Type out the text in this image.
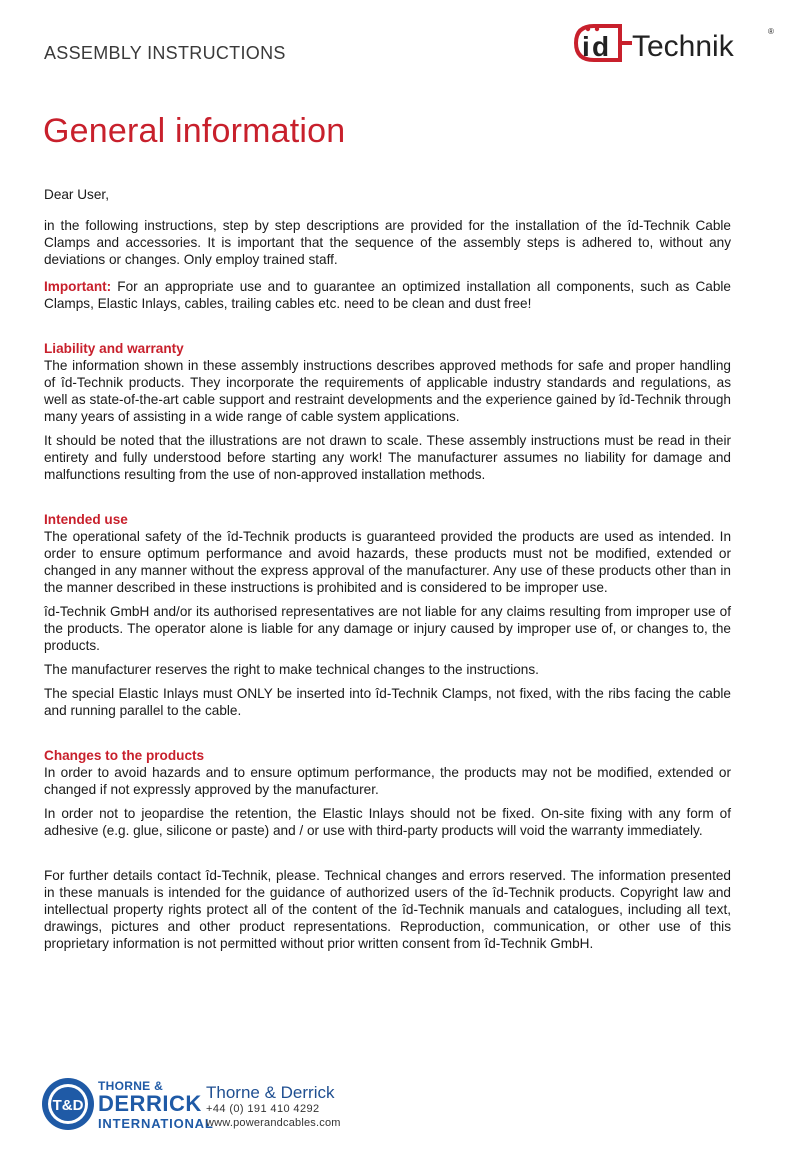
ASSEMBLY INSTRUCTIONS	i d Technik	®
General information

Dear User,

in the following instructions, step by step descriptions are provided for the installation of the îd-Technik Cable Clamps and accessories. It is important that the sequence of the assembly steps is adhered to, without any deviations or changes. Only employ trained staff.

Important: For an appropriate use and to guarantee an optimized installation all components, such as Cable Clamps, Elastic Inlays, cables, trailing cables etc. need to be clean and dust free!

Liability and warranty

The information shown in these assembly instructions describes approved methods for safe and proper handling of îd-Technik products. They incorporate the requirements of applicable industry standards and regulations, as well as state-of-the-art cable support and restraint developments and the experience gained by îd-Technik through many years of assisting in a wide range of cable system applications.

It should be noted that the illustrations are not drawn to scale. These assembly instructions must be read in their entirety and fully understood before starting any work! The manufacturer assumes no liability for damage and malfunctions resulting from the use of non-approved installation methods.

Intended use

The operational safety of the îd-Technik products is guaranteed provided the products are used as intended. In order to ensure optimum performance and avoid hazards, these products must not be modified, extended or changed in any manner without the express approval of the manufacturer. Any use of these products other than in the manner described in these instructions is prohibited and is considered to be improper use.

îd-Technik GmbH and/or its authorised representatives are not liable for any claims resulting from improper use of the products. The operator alone is liable for any damage or injury caused by improper use of, or changes to, the products.

The manufacturer reserves the right to make technical changes to the instructions.

The special Elastic Inlays must ONLY be inserted into îd-Technik Clamps, not fixed, with the ribs facing the cable and running parallel to the cable.

Changes to the products

In order to avoid hazards and to ensure optimum performance, the products may not be modified, extended or changed if not expressly approved by the manufacturer.

In order not to jeopardise the retention, the Elastic Inlays should not be fixed. On-site fixing with any form of adhesive (e.g. glue, silicone or paste) and / or use with third-party products will void the warranty immediately.

For further details contact îd-Technik, please. Technical changes and errors reserved. The information presented in these manuals is intended for the guidance of authorized users of the îd-Technik products. Copyright law and intellectual property rights protect all of the content of the îd-Technik manuals and catalogues, including all text, drawings, pictures and other product representations. Reproduction, communication, or other use of this proprietary information is not permitted without prior written consent from îd-Technik GmbH.

T&D
THORNE &
DERRICK
INTERNATIONAL
Thorne & Derrick
+44 (0) 191 410 4292
www.powerandcables.com
